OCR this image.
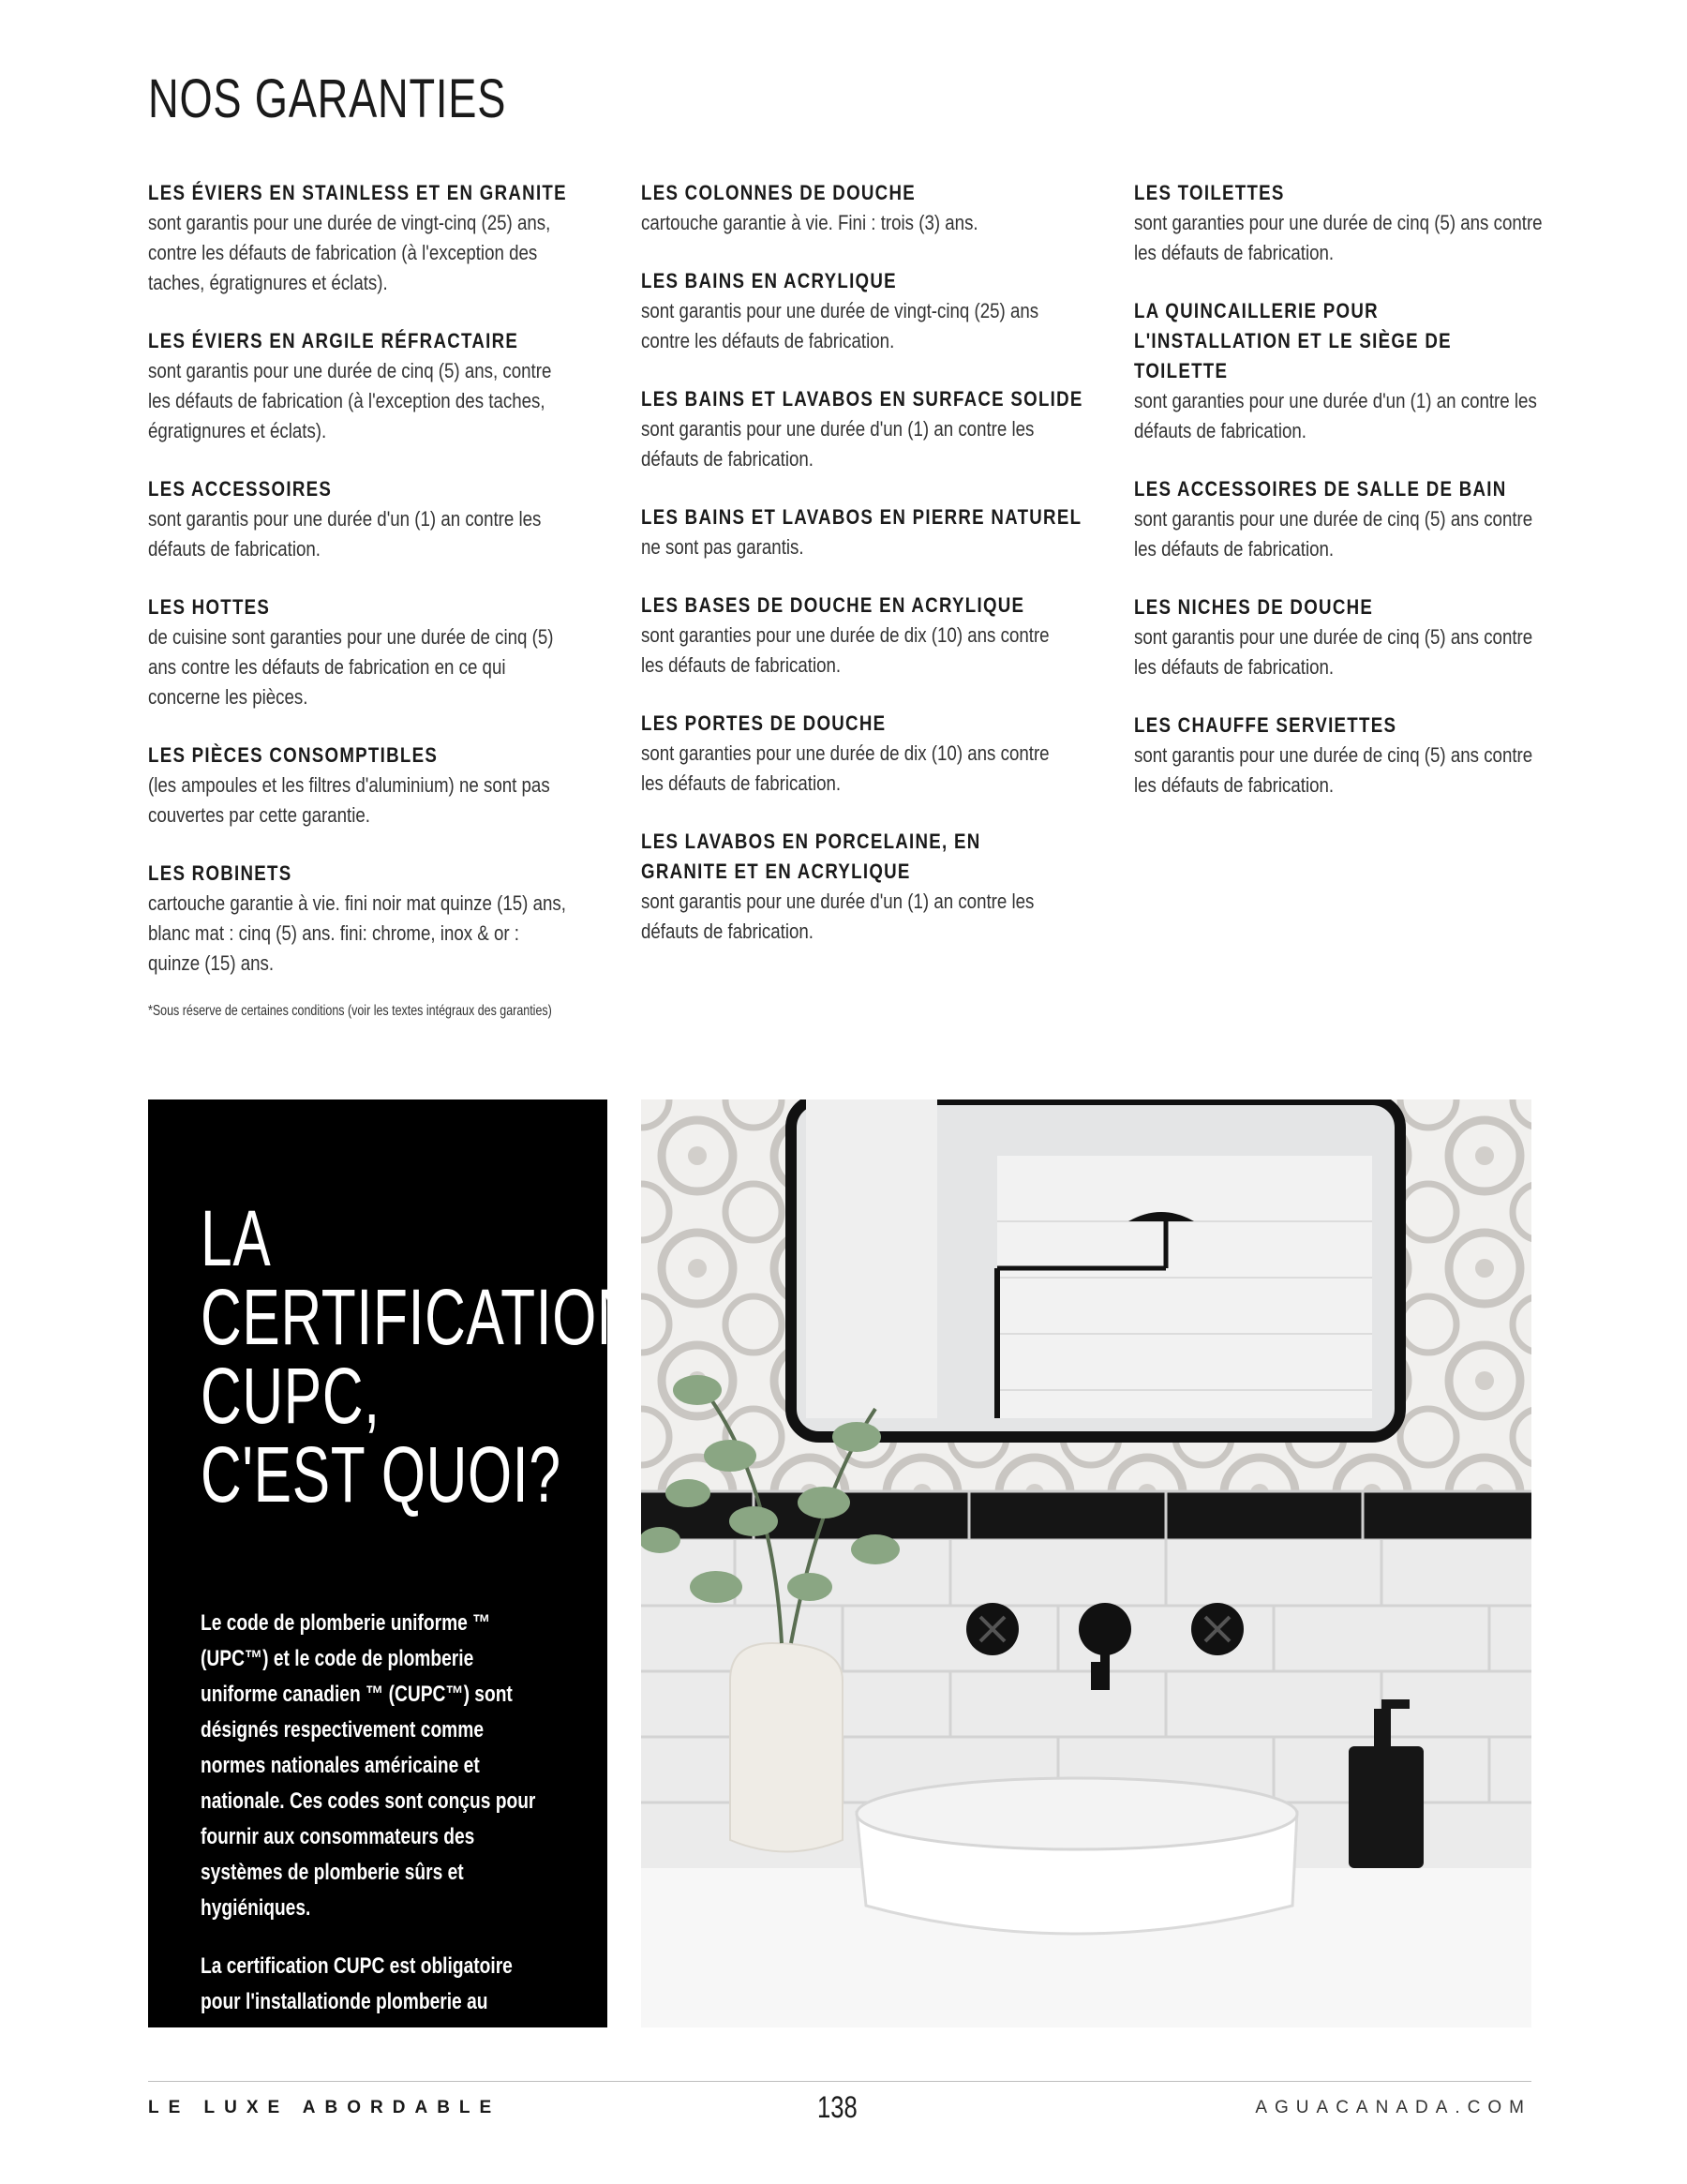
NOS GARANTIES
LES ÉVIERS EN STAINLESS ET EN GRANITE
sont garantis pour une durée de vingt-cinq (25) ans, contre les défauts de fabrication (à l'exception des taches, égratignures et éclats).
LES ÉVIERS EN ARGILE RÉFRACTAIRE
sont garantis pour une durée de cinq (5) ans, contre les défauts de fabrication (à l'exception des taches, égratignures et éclats).
LES ACCESSOIRES
sont garantis pour une durée d'un (1) an contre les défauts de fabrication.
LES HOTTES
de cuisine sont garanties pour une durée de cinq (5) ans contre les défauts de fabrication en ce qui concerne les pièces.
LES PIÈCES CONSOMPTIBLES
(les ampoules et les filtres d'aluminium) ne sont pas couvertes par cette garantie.
LES ROBINETS
cartouche garantie à vie. fini noir mat quinze (15) ans, blanc mat : cinq (5) ans. fini: chrome, inox & or : quinze (15) ans.
LES COLONNES DE DOUCHE
cartouche garantie à vie. Fini : trois (3) ans.
LES BAINS EN ACRYLIQUE
sont garantis pour une durée de vingt-cinq (25) ans contre les défauts de fabrication.
LES BAINS ET LAVABOS EN SURFACE SOLIDE
sont garantis pour une durée d'un (1) an contre les défauts de fabrication.
LES BAINS ET LAVABOS EN PIERRE NATUREL
ne sont pas garantis.
LES BASES DE DOUCHE EN ACRYLIQUE
sont garanties pour une durée de dix (10) ans contre les défauts de fabrication.
LES PORTES DE DOUCHE
sont garanties pour une durée de dix (10) ans contre les défauts de fabrication.
LES LAVABOS EN PORCELAINE, EN GRANITE ET EN ACRYLIQUE
sont garantis pour une durée d'un (1) an contre les défauts de fabrication.
LES TOILETTES
sont garanties pour une durée de cinq (5) ans contre les défauts de fabrication.
LA QUINCAILLERIE POUR L'INSTALLATION ET LE SIÈGE DE TOILETTE
sont garanties pour une durée d'un (1) an contre les défauts de fabrication.
LES ACCESSOIRES DE SALLE DE BAIN
sont garantis pour une durée de cinq (5) ans contre les défauts de fabrication.
LES NICHES DE DOUCHE
sont garantis pour une durée de cinq (5) ans contre les défauts de fabrication.
LES CHAUFFE SERVIETTES
sont garantis pour une durée de cinq (5) ans contre les défauts de fabrication.
*Sous réserve de certaines conditions (voir les textes intégraux des garanties)
LA
CERTIFICATION
CUPC,
C'EST QUOI?

Le code de plomberie uniforme ™ (UPC™) et le code de plomberie uniforme canadien ™ (CUPC™) sont désignés respectivement comme normes nationales américaine et nationale. Ces codes sont conçus pour fournir aux consommateurs des systèmes de plomberie sûrs et hygiéniques.

La certification CUPC est obligatoire pour l'installationde plomberie au Canada.

LE LUXE ABORDABLE	138	AGUACANADA.COM
